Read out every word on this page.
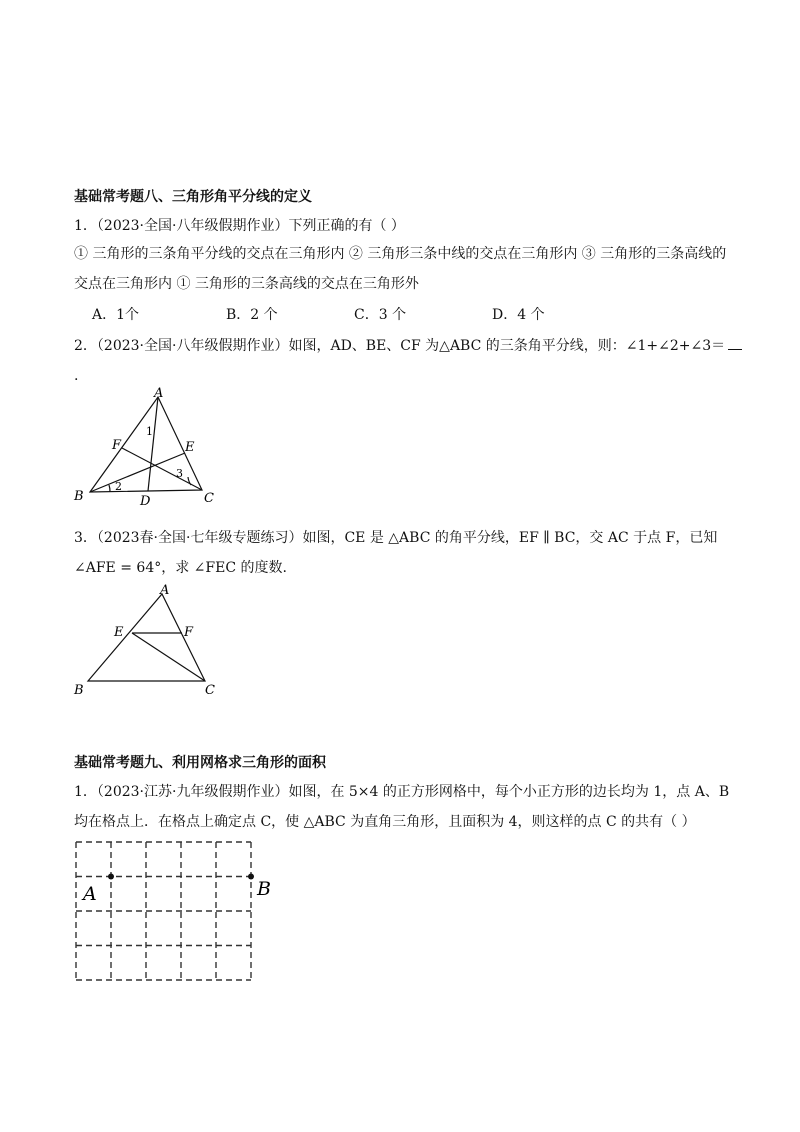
基础常考题八、三角形角平分线的定义
1．（2023·全国·八年级假期作业）下列正确的有（ ）
① 三角形的三条角平分线的交点在三角形内 ② 三角形三条中线的交点在三角形内 ③ 三角形的三条高线的
交点在三角形内 ① 三角形的三条高线的交点在三角形外
A．1个	B．2 个	C．3 个	D．4 个
2．（2023·全国·八年级假期作业）如图，AD、BE、CF 为△ABC 的三条角平分线，则：∠1+∠2+∠3＝
.
A
B	C
D
E
F
1
2
3
3．（2023春·全国·七年级专题练习）如图，CE 是 △ABC 的角平分线，EF ∥ BC，交 AC 于点 F，已知
∠AFE = 64°，求 ∠FEC 的度数.
A
E	F
B	C
基础常考题九、利用网格求三角形的面积
1．（2023·江苏·九年级假期作业）如图，在 5×4 的正方形网格中，每个小正方形的边长均为 1，点 A、B
均在格点上．在格点上确定点 C，使 △ABC 为直角三角形，且面积为 4，则这样的点 C 的共有（ ）
A	B
